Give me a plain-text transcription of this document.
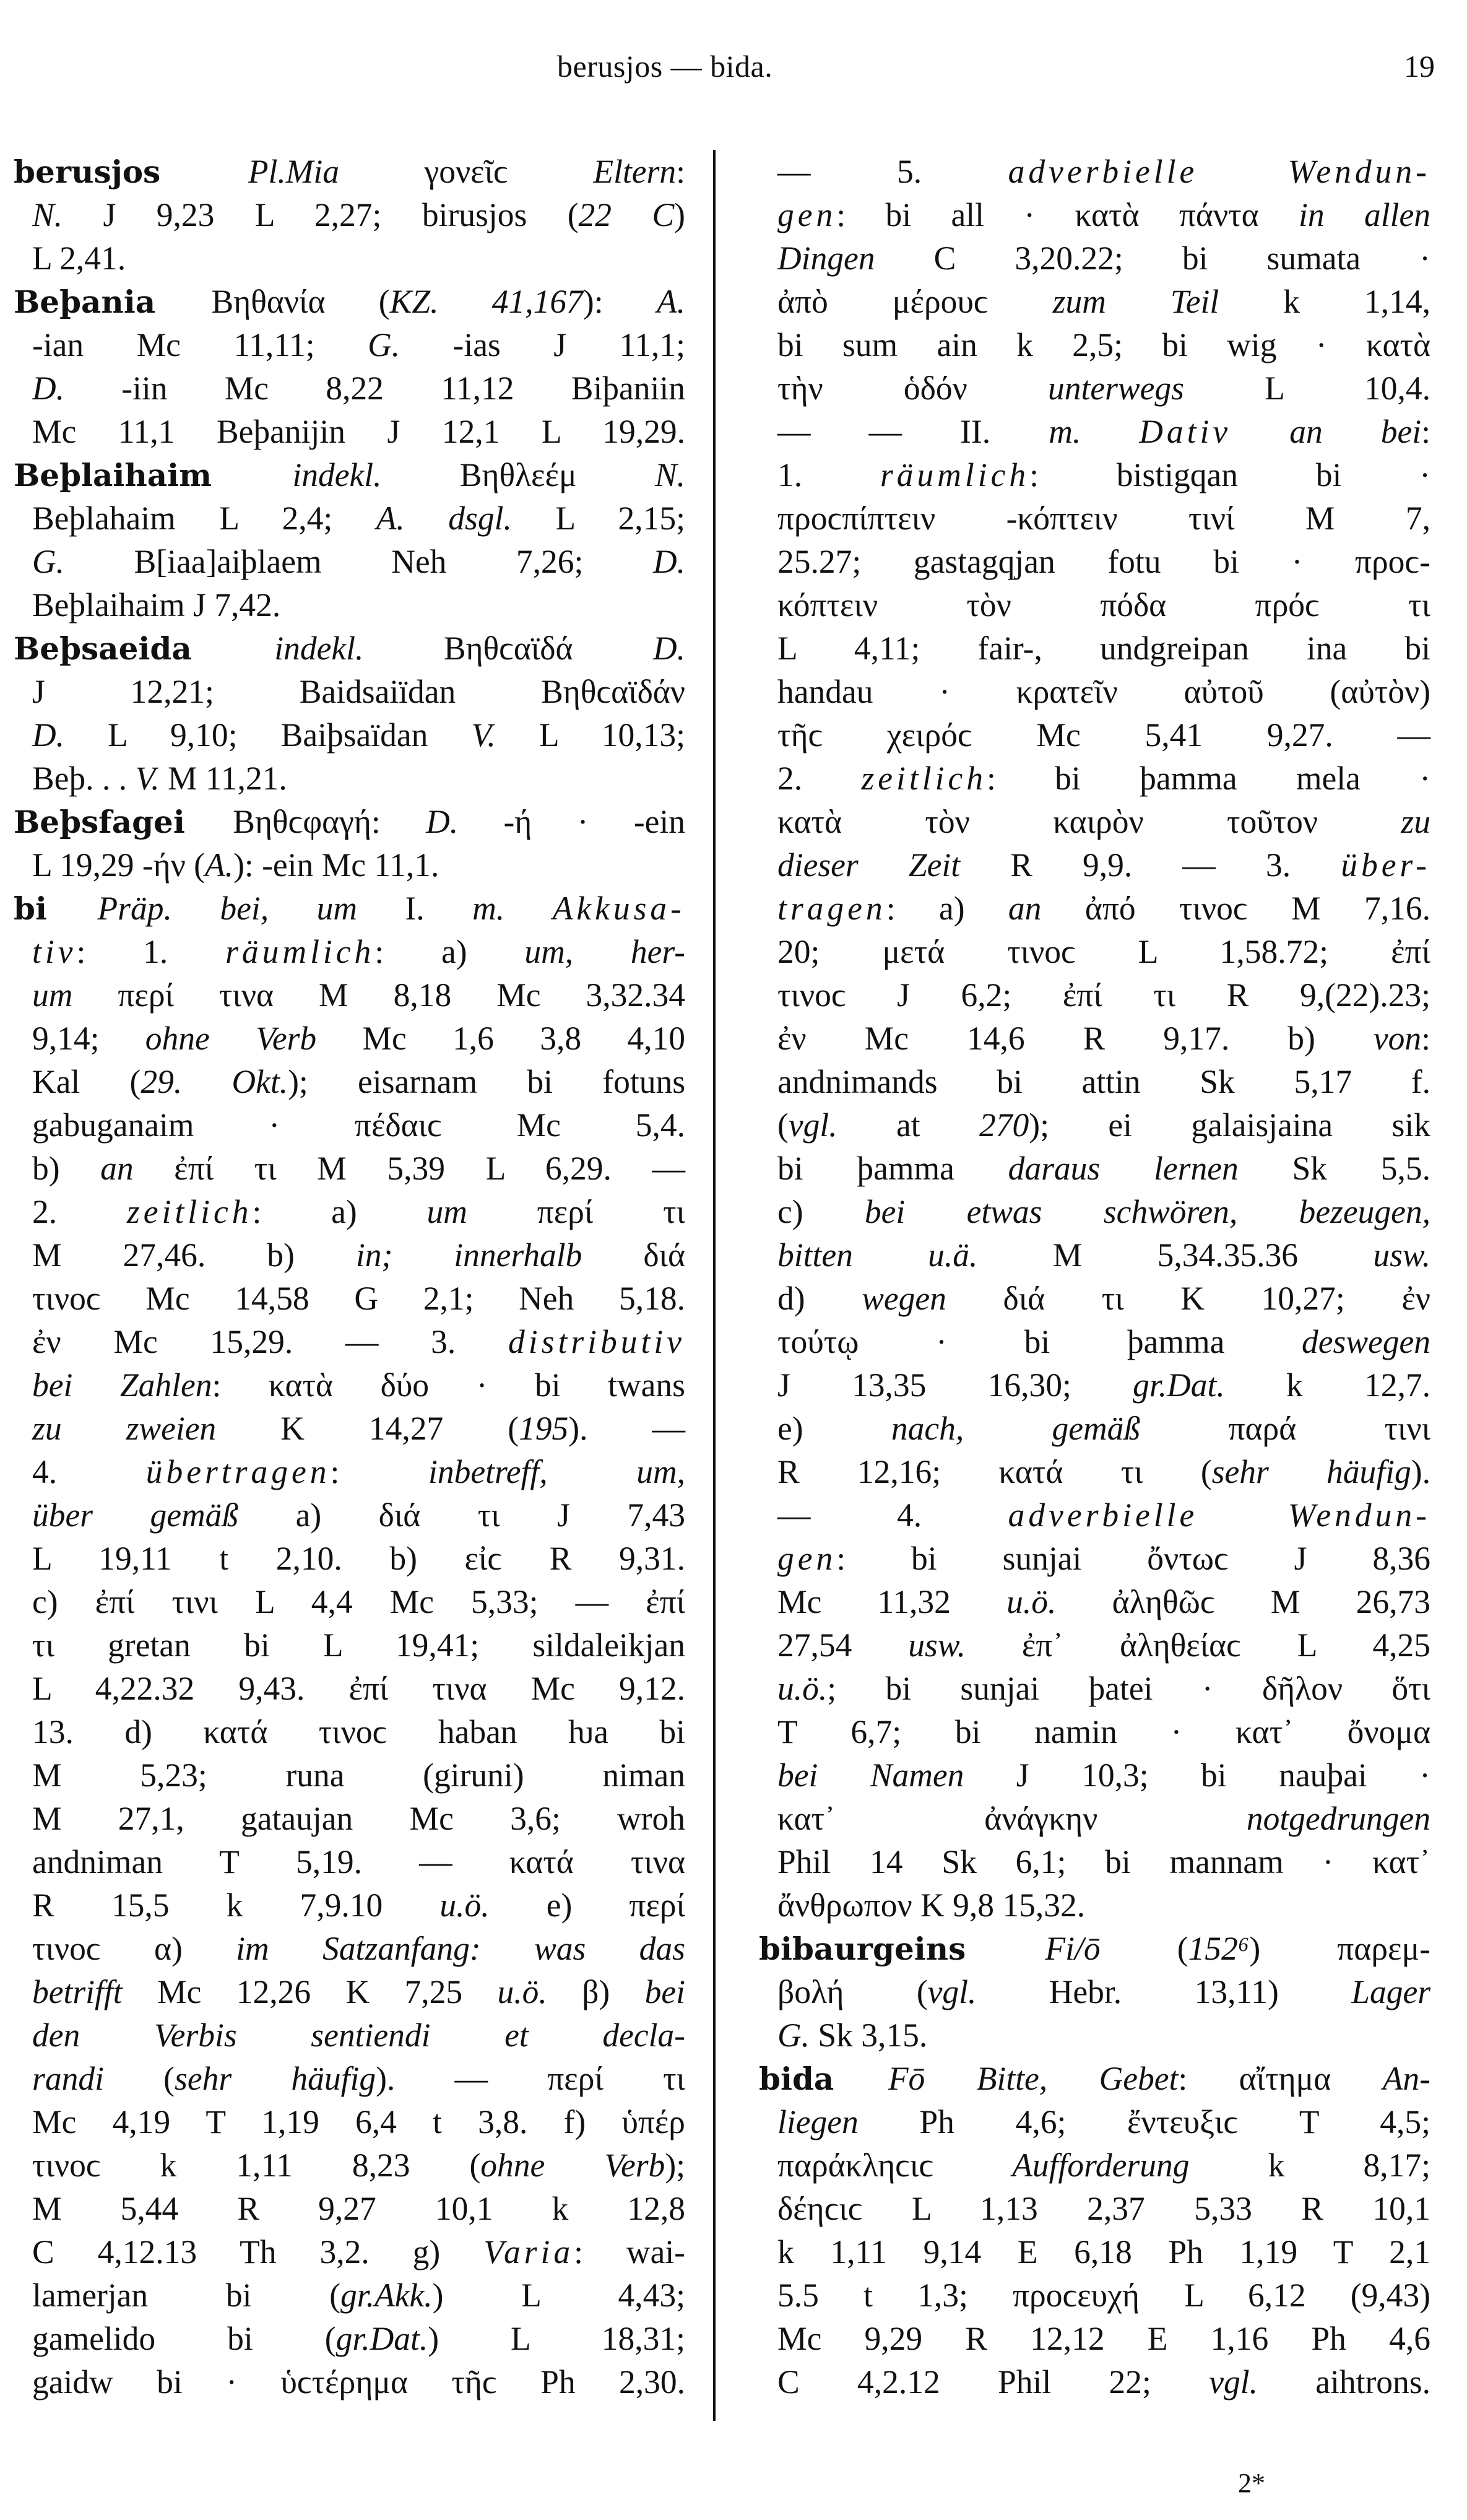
berusjos — bida.	19
berusjos Pl.Mia γονεῖϲ Eltern:
N. J 9,23 L 2,27; birusjos (22 C)
L 2,41.
Beþania Βηθανία (KZ. 41,167): A.
-ian Mc 11,11; G. -ias J 11,1;
D. -iin Mc 8,22 11,12 Biþaniin
Mc 11,1 Beþanijin J 12,1 L 19,29.
Beþlaihaim indekl. Βηθλεέμ N.
Beþlahaim L 2,4; A. dsgl. L 2,15;
G. B[iaa]aiþlaem Neh 7,26; D.
Beþlaihaim J 7,42.
Beþsaeida indekl. Βηθϲαϊδά D.
J 12,21; Baidsaiïdan Βηθϲαϊδάν
D. L 9,10; Baiþsaïdan V. L 10,13;
Beþ. . . V. M 11,21.
Beþsfagei Βηθϲφαγή: D. -ή · -ein
L 19,29 -ήν (A.): -ein Mc 11,1.
bi Präp. bei, um I. m. Akkusa-
tiv: 1. räumlich: a) um, her-
um περί τινα M 8,18 Mc 3,32.34
9,14; ohne Verb Mc 1,6 3,8 4,10
Kal (29. Okt.); eisarnam bi fotuns
gabuganaim · πέδαιϲ Mc 5,4.
b) an ἐπί τι M 5,39 L 6,29. —
2. zeitlich: a) um περί τι
M 27,46. b) in; innerhalb διά
τινοϲ Mc 14,58 G 2,1; Neh 5,18.
ἐν Mc 15,29. — 3. distributiv
bei Zahlen: κατὰ δύο · bi twans
zu zweien K 14,27 (195). —
4. übertragen: inbetreff, um,
über gemäß a) διά τι J 7,43
L 19,11 t 2,10. b) εἰϲ R 9,31.
c) ἐπί τινι L 4,4 Mc 5,33; — ἐπί
τι gretan bi L 19,41; sildaleikjan
L 4,22.32 9,43. ἐπί τινα Mc 9,12.
13. d) κατά τινοϲ haban ƕa bi
M 5,23; runa (giruni) niman
M 27,1, gataujan Mc 3,6; wroh
andniman T 5,19. — κατά τινα
R 15,5 k 7,9.10 u.ö. e) περί
τινοϲ α) im Satzanfang: was das
betrifft Mc 12,26 K 7,25 u.ö. β) bei
den Verbis sentiendi et decla-
randi (sehr häufig). — περί τι
Mc 4,19 T 1,19 6,4 t 3,8. f) ὑπέρ
τινοϲ k 1,11 8,23 (ohne Verb);
M 5,44 R 9,27 10,1 k 12,8
C 4,12.13 Th 3,2. g) Varia: wai-
lamerjan bi (gr.Akk.) L 4,43;
gamelido bi (gr.Dat.) L 18,31;
gaidw bi · ὑϲτέρημα τῆϲ Ph 2,30.
— 5. adverbielle Wendun-
gen: bi all · κατὰ πάντα in allen
Dingen C 3,20.22; bi sumata ·
ἀπὸ μέρουϲ zum Teil k 1,14,
bi sum ain k 2,5; bi wig · κατὰ
τὴν ὁδόν unterwegs L 10,4.
— — II. m. Dativ an bei:
1. räumlich: bistigqan bi ·
προϲπίπτειν -κόπτειν τινί M 7,
25.27; gastagqjan fotu bi · προϲ-
κόπτειν τὸν πόδα πρόϲ τι
L 4,11; fair-, undgreipan ina bi
handau · κρατεῖν αὐτοῦ (αὐτὸν)
τῆϲ χειρόϲ Mc 5,41 9,27. —
2. zeitlich: bi þamma mela ·
κατὰ τὸν καιρὸν τοῦτον zu
dieser Zeit R 9,9. — 3. über-
tragen: a) an ἀπό τινοϲ M 7,16.
20; μετά τινοϲ L 1,58.72; ἐπί
τινοϲ J 6,2; ἐπί τι R 9,(22).23;
ἐν Mc 14,6 R 9,17. b) von:
andnimands bi attin Sk 5,17 f.
(vgl. at 270); ei galaisjaina sik
bi þamma daraus lernen Sk 5,5.
c) bei etwas schwören, bezeugen,
bitten u.ä. M 5,34.35.36 usw.
d) wegen διά τι K 10,27; ἐν
τούτῳ · bi þamma deswegen
J 13,35 16,30; gr.Dat. k 12,7.
e) nach, gemäß παρά τινι
R 12,16; κατά τι (sehr häufig).
— 4. adverbielle Wendun-
gen: bi sunjai ὄντωϲ J 8,36
Mc 11,32 u.ö. ἀληθῶϲ M 26,73
27,54 usw. ἐπ᾽ ἀληθείαϲ L 4,25
u.ö.; bi sunjai þatei · δῆλον ὅτι
T 6,7; bi namin · κατ᾽ ὄνομα
bei Namen J 10,3; bi nauþai ·
κατ᾽ ἀνάγκην notgedrungen
Phil 14 Sk 6,1; bi mannam · κατ᾽
ἄνθρωπον K 9,8 15,32.
bibaurgeins Fi/ō (152⁶) παρεμ-
βολή (vgl. Hebr. 13,11) Lager
G. Sk 3,15.
bida Fō Bitte, Gebet: αἴτημα An-
liegen Ph 4,6; ἔντευξιϲ T 4,5;
παράκληϲιϲ Aufforderung k 8,17;
δέηϲιϲ L 1,13 2,37 5,33 R 10,1
k 1,11 9,14 E 6,18 Ph 1,19 T 2,1
5.5 t 1,3; προϲευχή L 6,12 (9,43)
Mc 9,29 R 12,12 E 1,16 Ph 4,6
C 4,2.12 Phil 22; vgl. aihtrons.
2*
